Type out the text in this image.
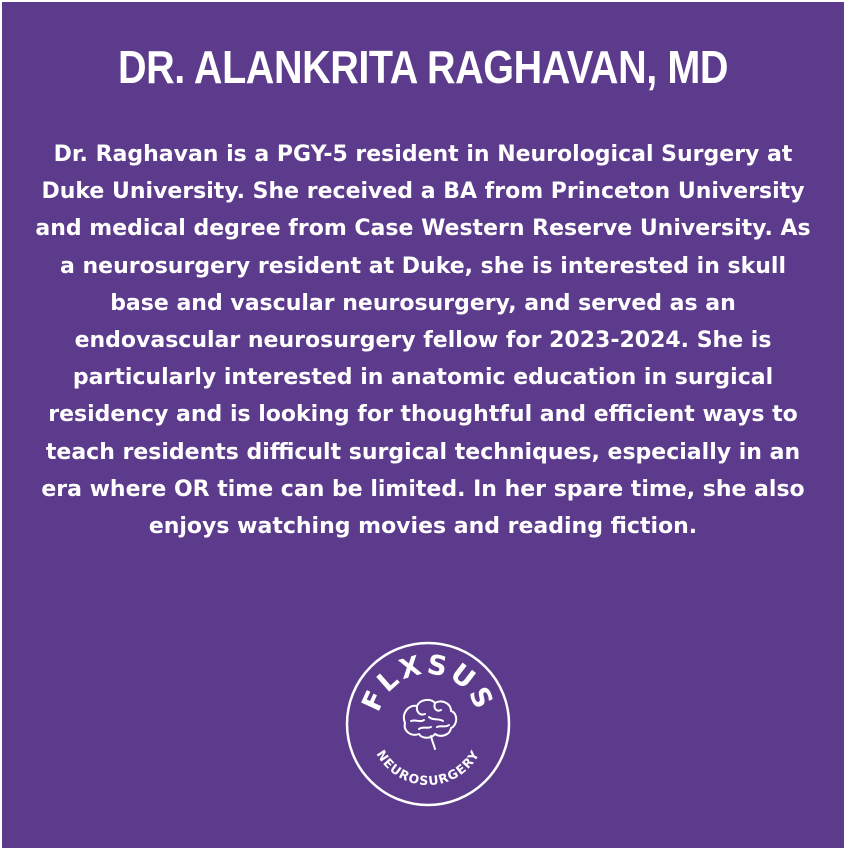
DR. ALANKRITA RAGHAVAN, MD

Dr. Raghavan is a PGY-5 resident in Neurological Surgery at Duke University. She received a BA from Princeton University and medical degree from Case Western Reserve University. As a neurosurgery resident at Duke, she is interested in skull base and vascular neurosurgery, and served as an endovascular neurosurgery fellow for 2023-2024. She is particularly interested in anatomic education in surgical residency and is looking for thoughtful and efficient ways to teach residents difficult surgical techniques, especially in an era where OR time can be limited. In her spare time, she also enjoys watching movies and reading fiction.

FLXSUS
NEUROSURGERY
